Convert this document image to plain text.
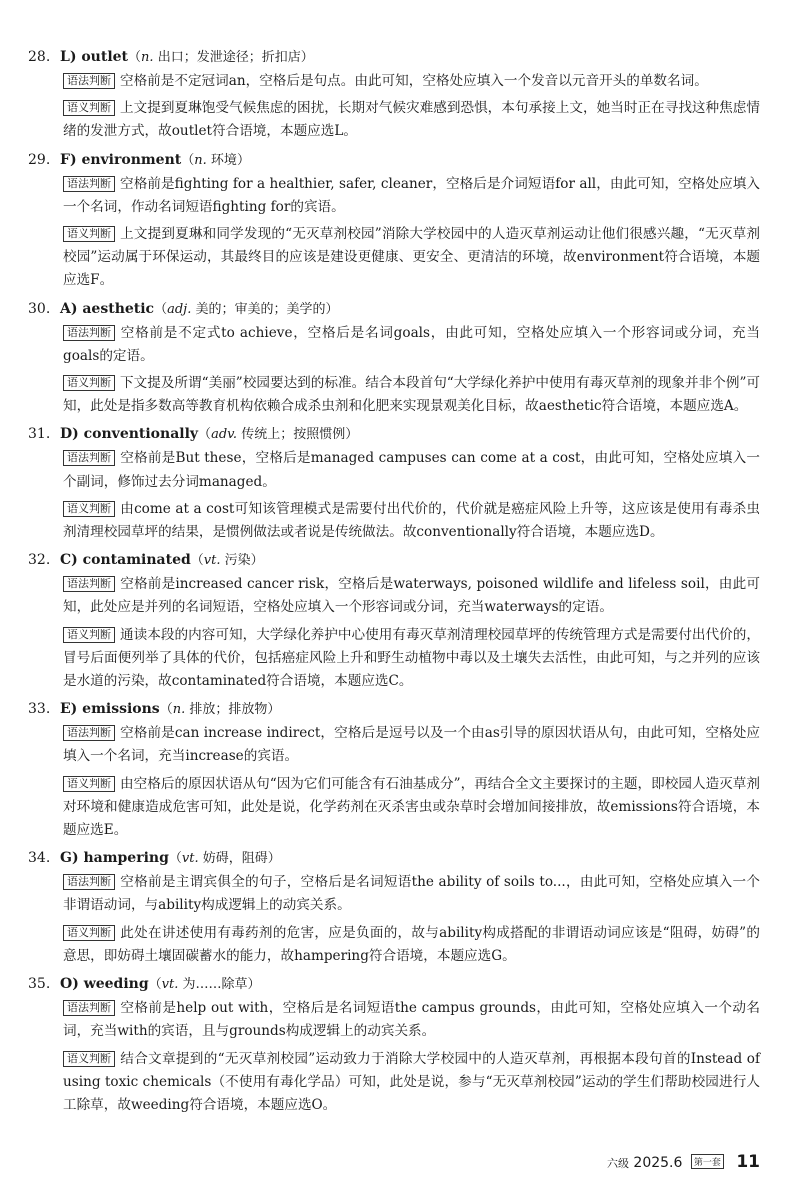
28. L) outlet（n. 出口；发泄途径；折扣店）
语法判断 空格前是不定冠词an，空格后是句点。由此可知，空格处应填入一个发音以元音开头的单数名词。
语义判断 上文提到夏琳饱受气候焦虑的困扰，长期对气候灾难感到恐惧，本句承接上文，她当时正在寻找这种焦虑情绪的发泄方式，故outlet符合语境，本题应选L。
29. F) environment（n. 环境）
语法判断 空格前是fighting for a healthier, safer, cleaner，空格后是介词短语for all，由此可知，空格处应填入一个名词，作动名词短语fighting for的宾语。
语义判断 上文提到夏琳和同学发现的“无灭草剂校园”消除大学校园中的人造灭草剂运动让他们很感兴趣，“无灭草剂校园”运动属于环保运动，其最终目的应该是建设更健康、更安全、更清洁的环境，故environment符合语境，本题应选F。
30. A) aesthetic（adj. 美的；审美的；美学的）
语法判断 空格前是不定式to achieve，空格后是名词goals，由此可知，空格处应填入一个形容词或分词，充当goals的定语。
语义判断 下文提及所谓“美丽”校园要达到的标准。结合本段首句“大学绿化养护中使用有毒灭草剂的现象并非个例”可知，此处是指多数高等教育机构依赖合成杀虫剂和化肥来实现景观美化目标，故aesthetic符合语境，本题应选A。
31. D) conventionally（adv. 传统上；按照惯例）
语法判断 空格前是But these，空格后是managed campuses can come at a cost，由此可知，空格处应填入一个副词，修饰过去分词managed。
语义判断 由come at a cost可知该管理模式是需要付出代价的，代价就是癌症风险上升等，这应该是使用有毒杀虫剂清理校园草坪的结果，是惯例做法或者说是传统做法。故conventionally符合语境，本题应选D。
32. C) contaminated（vt. 污染）
语法判断 空格前是increased cancer risk，空格后是waterways, poisoned wildlife and lifeless soil，由此可知，此处应是并列的名词短语，空格处应填入一个形容词或分词，充当waterways的定语。
语义判断 通读本段的内容可知，大学绿化养护中心使用有毒灭草剂清理校园草坪的传统管理方式是需要付出代价的，冒号后面便列举了具体的代价，包括癌症风险上升和野生动植物中毒以及土壤失去活性，由此可知，与之并列的应该是水道的污染，故contaminated符合语境，本题应选C。
33. E) emissions（n. 排放；排放物）
语法判断 空格前是can increase indirect，空格后是逗号以及一个由as引导的原因状语从句，由此可知，空格处应填入一个名词，充当increase的宾语。
语义判断 由空格后的原因状语从句“因为它们可能含有石油基成分”，再结合全文主要探讨的主题，即校园人造灭草剂对环境和健康造成危害可知，此处是说，化学药剂在灭杀害虫或杂草时会增加间接排放，故emissions符合语境，本题应选E。
34. G) hampering（vt. 妨碍，阻碍）
语法判断 空格前是主谓宾俱全的句子，空格后是名词短语the ability of soils to...，由此可知，空格处应填入一个非谓语动词，与ability构成逻辑上的动宾关系。
语义判断 此处在讲述使用有毒药剂的危害，应是负面的，故与ability构成搭配的非谓语动词应该是“阻碍，妨碍”的意思，即妨碍土壤固碳蓄水的能力，故hampering符合语境，本题应选G。
35. O) weeding（vt. 为……除草）
语法判断 空格前是help out with，空格后是名词短语the campus grounds，由此可知，空格处应填入一个动名词，充当with的宾语，且与grounds构成逻辑上的动宾关系。
语义判断 结合文章提到的“无灭草剂校园”运动致力于消除大学校园中的人造灭草剂，再根据本段句首的Instead of using toxic chemicals（不使用有毒化学品）可知，此处是说，参与“无灭草剂校园”运动的学生们帮助校园进行人工除草，故weeding符合语境，本题应选O。
六级 2025.6 第一套 11
